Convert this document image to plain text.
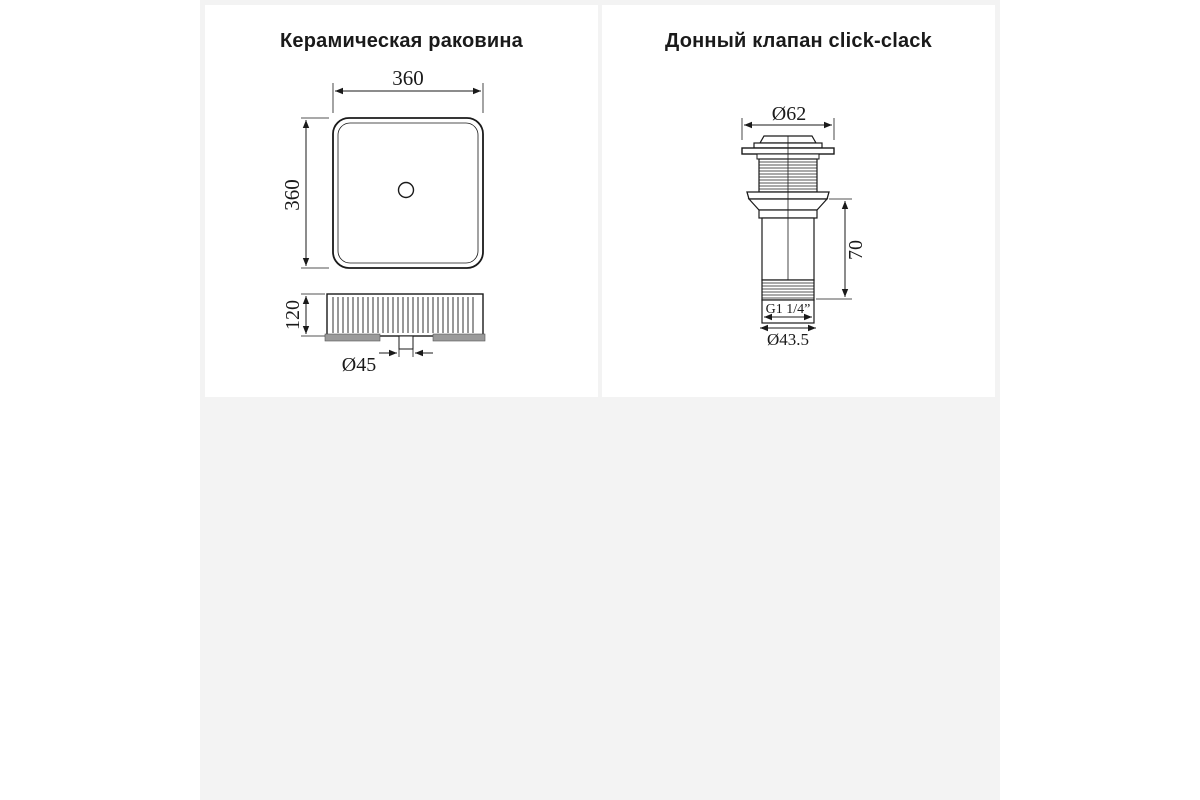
Керамическая раковина
360
360
120
Ø45
Донный клапан click-clack
Ø62
70
G1 1/4”
Ø43.5
